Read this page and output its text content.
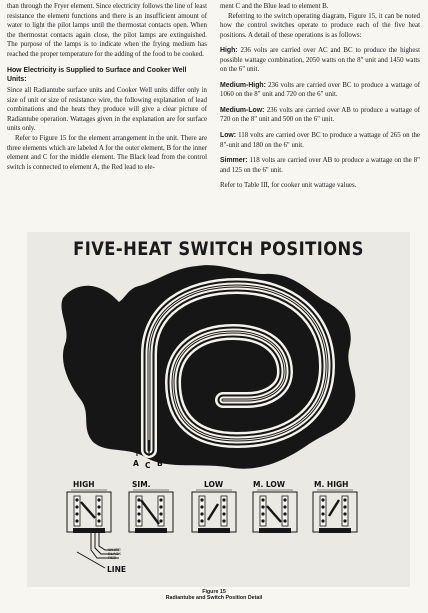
than through the Fryer element. Since electricity follows the line of least resistance the element functions and there is an insufficient amount of water to light the pilot lamps until the thermostat contacts open. When the thermostat contacts again close, the pilot lamps are extinguished. The purpose of the lamps is to indicate when the frying medium has reached the proper temperature for the adding of the food to be cooked.

How Electricity is Supplied to Surface and Cooker Well Units:

Since all Radiantube surface units and Cooker Well units differ only in size of unit or size of resistance wire, the following explanation of lead combinations and the heats they produce will give a clear picture of Radiantube operation. Wattages given in the explanation are for surface units only.

Refer to Figure 15 for the element arrangement in the unit. There are three elements which are labeled A for the outer element, B for the inner element and C for the middle element. The Black lead from the control switch is connected to element A, the Red lead to ele-

ment C and the Blue lead to element B.

Referring to the switch operating diagram, Figure 15, it can be noted how the control switches operate to produce each of the five heat positions. A detail of these operations is as follows:

High: 236 volts are carried over AC and BC to produce the highest possible wattage combination, 2050 watts on the 8" unit and 1450 watts on the 6" unit.

Medium-High: 236 volts are carried over BC to produce a wattage of 1060 on the 8" unit and 720 on the 6" unit.

Medium-Low: 236 volts are carried over AB to produce a wattage of 720 on the 8" unit and 500 on the 6" unit.

Low: 118 volts are carried over BC to produce a wattage of 265 on the 8"-unit and 180 on the 6" unit.

Simmer: 118 volts are carried over AB to produce a wattage on the 8" and 125 on the 6" unit.

Refer to Table III, for cooker unit wattage values.

FIVE-HEAT SWITCH POSITIONS
A C B
HIGH	SIM.	LOW	M. LOW	M. HIGH
WHITE
BLACK
RED
LINE
Figure 15
Radiantube and Switch Position Detail
